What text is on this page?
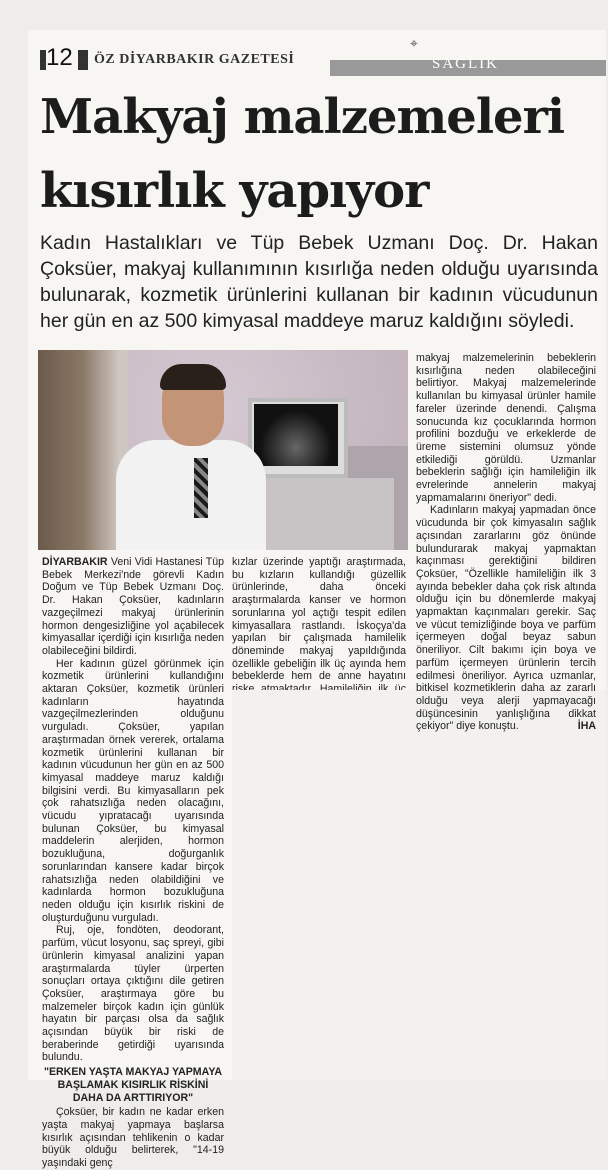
⌖
12 ÖZ DİYARBAKIR GAZETESİ	SAĞLIK
Makyaj malzemeleri
kısırlık yapıyor
Kadın Hastalıkları ve Tüp Bebek Uzmanı Doç. Dr. Hakan Çoksüer, makyaj kullanımının kısırlığa neden olduğu uyarısında bulunarak, kozmetik ürünlerini kullanan bir kadının vücudunun her gün en az 500 kimyasal maddeye maruz kaldığını söyledi.

DİYARBAKIR Veni Vidi Hastanesi Tüp Bebek Merkezi'nde görevli Kadın Doğum ve Tüp Bebek Uzmanı Doç. Dr. Hakan Çoksüer, kadınların vazgeçilmezi makyaj ürünlerinin hormon dengesizliğine yol açabilecek kimyasallar içerdiği için kısırlığa neden olabileceğini bildirdi.

Her kadının güzel görünmek için kozmetik ürünlerini kullandığını aktaran Çoksüer, kozmetik ürünleri kadınların hayatında vazgeçilmezlerinden olduğunu vurguladı. Çoksüer, yapılan araştırmadan örnek vererek, ortalama kozmetik ürünlerini kullanan bir kadının vücudunun her gün en az 500 kimyasal maddeye maruz kaldığı bilgisini verdi. Bu kimyasalların pek çok rahatsızlığa neden olacağını, vücudu yıpratacağı uyarısında bulunan Çoksüer, bu kimyasal maddelerin alerjiden, hormon bozukluğuna, doğurganlık sorunlarından kansere kadar birçok rahatsızlığa neden olabildiğini ve kadınlarda hormon bozukluğuna neden olduğu için kısırlık riskini de oluşturduğunu vurguladı.

Ruj, oje, fondöten, deodorant, parfüm, vücut losyonu, saç spreyi, gibi ürünlerin kimyasal analizini yapan araştırmalarda tüyler ürperten sonuçları ortaya çıktığını dile getiren Çoksüer, araştırmaya göre bu malzemeler birçok kadın için günlük hayatın bir parçası olsa da sağlık açısından büyük bir riski de beraberinde getirdiği uyarısında bulundu.

"ERKEN YAŞTA MAKYAJ YAPMAYA BAŞLAMAK KISIRLIK RİSKİNİ DAHA DA ARTTIRIYOR"

Çoksüer, bir kadın ne kadar erken yaşta makyaj yapmaya başlarsa kısırlık açısından tehlikenin o kadar büyük olduğu belirterek, "14-19 yaşındaki genç

kızlar üzerinde yaptığı araştırmada, bu kızların kullandığı güzellik ürünlerinde, daha önceki araştırmalarda kanser ve hormon sorunlarına yol açtığı tespit edilen kimyasallara rastlandı. İskoçya'da yapılan bir çalışmada hamilelik döneminde makyaj yapıldığında özellikle gebeliğin ilk üç ayında hem bebeklerde hem de anne hayatını

makyaj malzemelerinin bebeklerin kısırlığına neden olabileceğini belirtiyor. Makyaj malzemelerinde kullanılan bu kimyasal ürünler hamile fareler üzerinde denendi. Çalışma sonucunda kız çocuklarında hormon profilini bozduğu ve erkeklerde de üreme sistemini olumsuz yönde etkilediği görüldü. Uzmanlar bebeklerin sağlığı için hamileliğin ilk evrelerinde annelerin makyaj yapmamalarını öneriyor" dedi.

Kadınların makyaj yapmadan önce vücudunda bir çok kimyasalın sağlık açısından zararlarını göz önünde bulundurarak makyaj yapmaktan kaçınması gerektiğini bildiren Çoksüer, "Özellikle hamileliğin ilk 3 ayında bebekler daha çok risk altında olduğu için bu dönemlerde makyaj yapmaktan kaçınmaları gerekir. Saç ve vücut temizliğinde boya ve parfüm içermeyen doğal beyaz sabun öneriliyor. Cilt bakımı için boya ve parfüm içermeyen ürünlerin tercih edilmesi öneriliyor. Ayrıca uzmanlar, bitkisel kozmetiklerin daha az zararlı olduğu veya alerji yapmayacağı düşüncesinin yanlışlığına dikkat çekiyor" diye konuştu.	İHA
